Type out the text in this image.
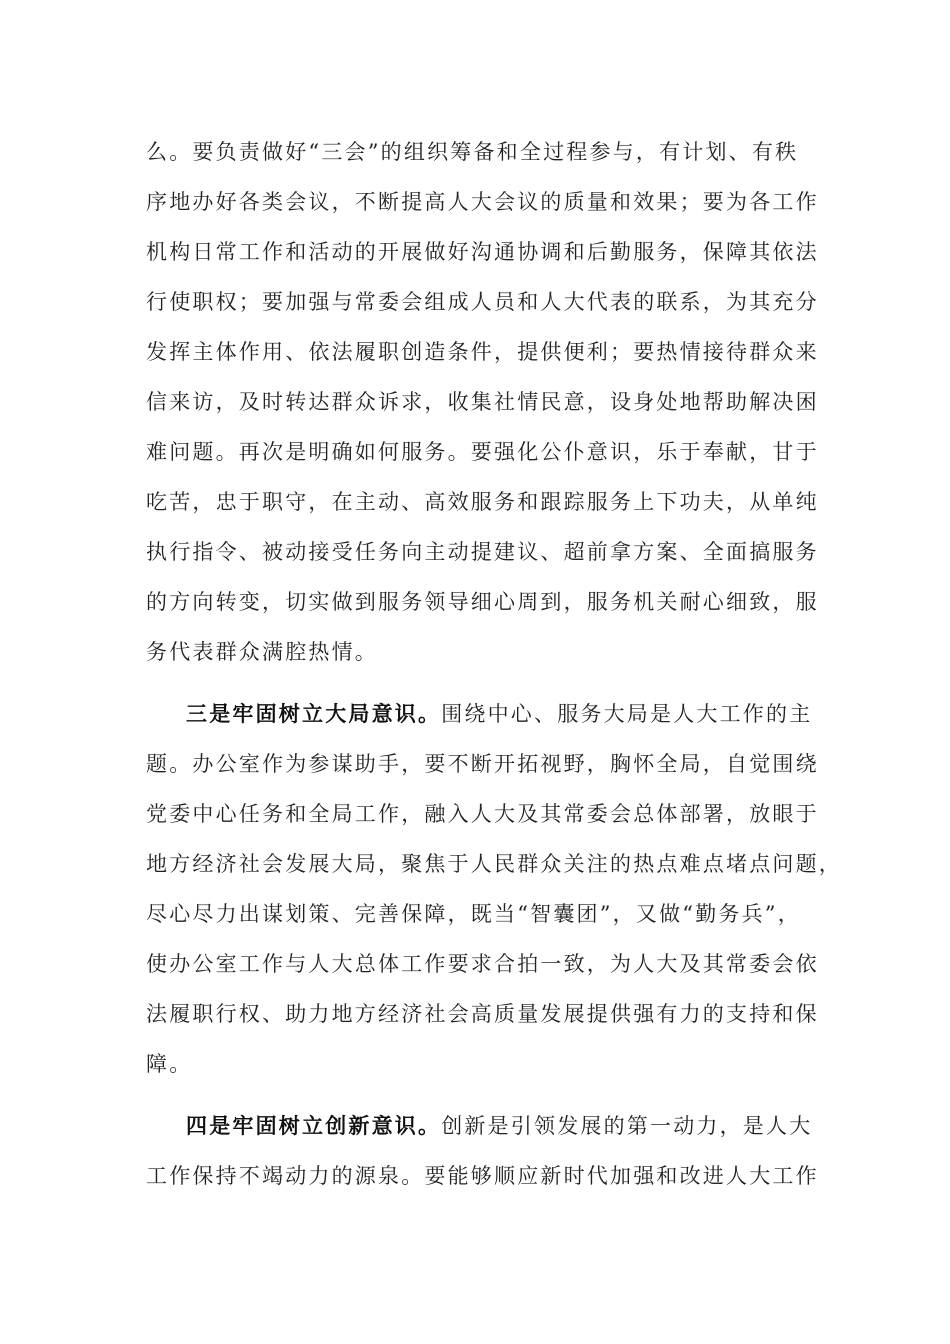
么。要负责做好“三会”的组织筹备和全过程参与，有计划、有秩
序地办好各类会议，不断提高人大会议的质量和效果；要为各工作
机构日常工作和活动的开展做好沟通协调和后勤服务，保障其依法
行使职权；要加强与常委会组成人员和人大代表的联系，为其充分
发挥主体作用、依法履职创造条件，提供便利；要热情接待群众来
信来访，及时转达群众诉求，收集社情民意，设身处地帮助解决困
难问题。再次是明确如何服务。要强化公仆意识，乐于奉献，甘于
吃苦，忠于职守，在主动、高效服务和跟踪服务上下功夫，从单纯
执行指令、被动接受任务向主动提建议、超前拿方案、全面搞服务
的方向转变，切实做到服务领导细心周到，服务机关耐心细致，服
务代表群众满腔热情。
三是牢固树立大局意识。围绕中心、服务大局是人大工作的主
题。办公室作为参谋助手，要不断开拓视野，胸怀全局，自觉围绕
党委中心任务和全局工作，融入人大及其常委会总体部署，放眼于
地方经济社会发展大局，聚焦于人民群众关注的热点难点堵点问题，
尽心尽力出谋划策、完善保障，既当“智囊团”，又做“勤务兵”，
使办公室工作与人大总体工作要求合拍一致，为人大及其常委会依
法履职行权、助力地方经济社会高质量发展提供强有力的支持和保
障。
四是牢固树立创新意识。创新是引领发展的第一动力，是人大
工作保持不竭动力的源泉。要能够顺应新时代加强和改进人大工作
